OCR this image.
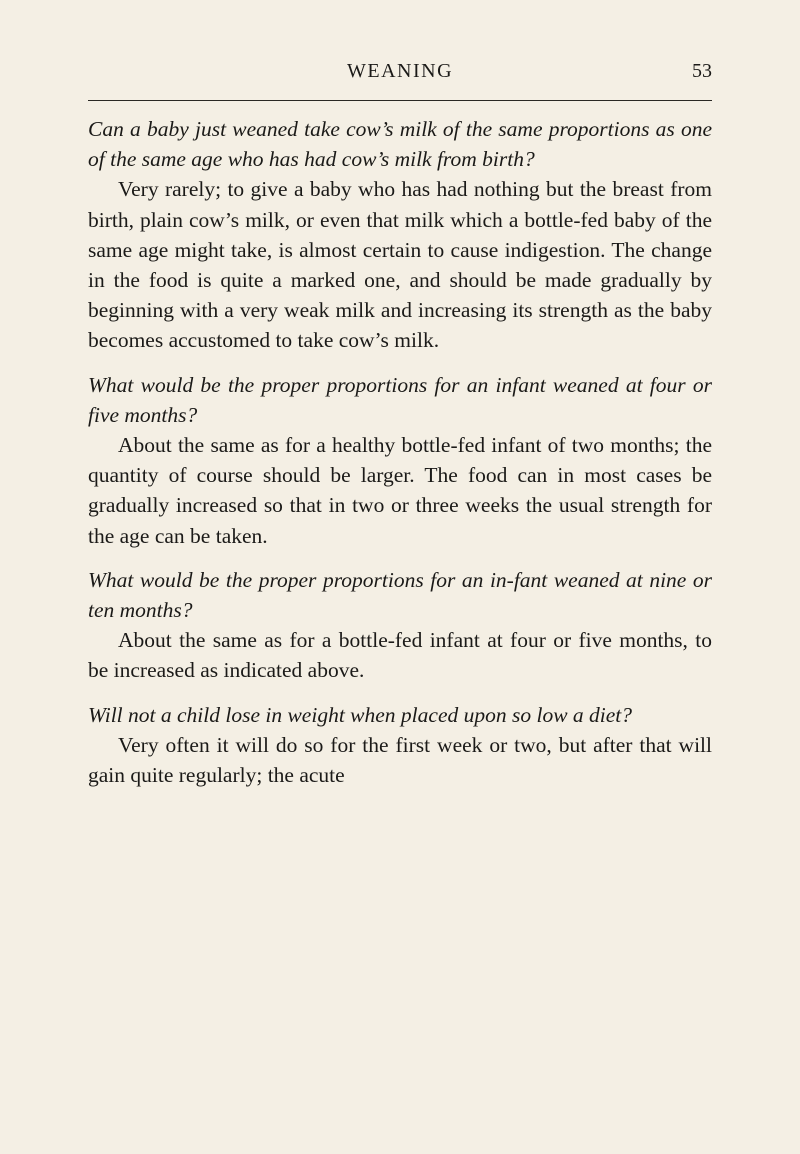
WEANING	53

Can a baby just weaned take cow’s milk of the same proportions as one of the same age who has had cow’s milk from birth?

Very rarely; to give a baby who has had nothing but the breast from birth, plain cow’s milk, or even that milk which a bottle-fed baby of the same age might take, is almost certain to cause indigestion. The change in the food is quite a marked one, and should be made gradually by beginning with a very weak milk and increasing its strength as the baby becomes accustomed to take cow’s milk.

What would be the proper proportions for an infant weaned at four or five months?

About the same as for a healthy bottle-fed infant of two months; the quantity of course should be larger. The food can in most cases be gradually increased so that in two or three weeks the usual strength for the age can be taken.

What would be the proper proportions for an in-fant weaned at nine or ten months?

About the same as for a bottle-fed infant at four or five months, to be increased as indicated above.

Will not a child lose in weight when placed upon so low a diet?

Very often it will do so for the first week or two, but after that will gain quite regularly; the acute
